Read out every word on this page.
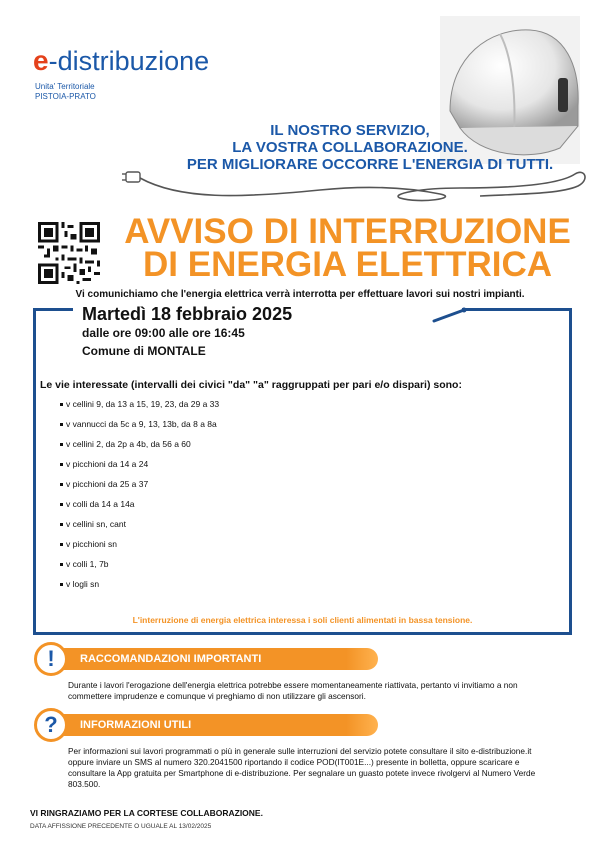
e-distribuzione
Unita' Territoriale
PISTOIA-PRATO
IL NOSTRO SERVIZIO,
LA VOSTRA COLLABORAZIONE.
PER MIGLIORARE OCCORRE L'ENERGIA DI TUTTI.
AVVISO DI INTERRUZIONE
DI ENERGIA ELETTRICA
Vi comunichiamo che l'energia elettrica verrà interrotta per effettuare lavori sui nostri impianti.
Martedì 18 febbraio 2025
dalle ore 09:00 alle ore 16:45
Comune di MONTALE
Le vie interessate (intervalli dei civici "da" "a" raggruppati per pari e/o dispari) sono:
v cellini 9, da 13 a 15, 19, 23, da 29 a 33
v vannucci da 5c a 9, 13, 13b, da 8 a 8a
v cellini 2, da 2p a 4b, da 56 a 60
v picchioni da 14 a 24
v picchioni da 25 a 37
v colli da 14 a 14a
v cellini sn, cant
v picchioni sn
v colli 1, 7b
v logli sn
L'interruzione di energia elettrica interessa i soli clienti alimentati in bassa tensione.
RACCOMANDAZIONI IMPORTANTI
!
Durante i lavori l'erogazione dell'energia elettrica potrebbe essere momentaneamente riattivata, pertanto vi invitiamo a non commettere imprudenze e comunque vi preghiamo di non utilizzare gli ascensori.
INFORMAZIONI UTILI
?
Per informazioni sui lavori programmati o più in generale sulle interruzioni del servizio potete consultare il sito e-distribuzione.it oppure inviare un SMS al numero 320.2041500 riportando il codice POD(IT001E...) presente in bolletta, oppure scaricare e consultare la App gratuita per Smartphone di e-distribuzione. Per segnalare un guasto potete invece rivolgervi al Numero Verde 803.500.
VI RINGRAZIAMO PER LA CORTESE COLLABORAZIONE.
DATA AFFISSIONE PRECEDENTE O UGUALE AL 13/02/2025
